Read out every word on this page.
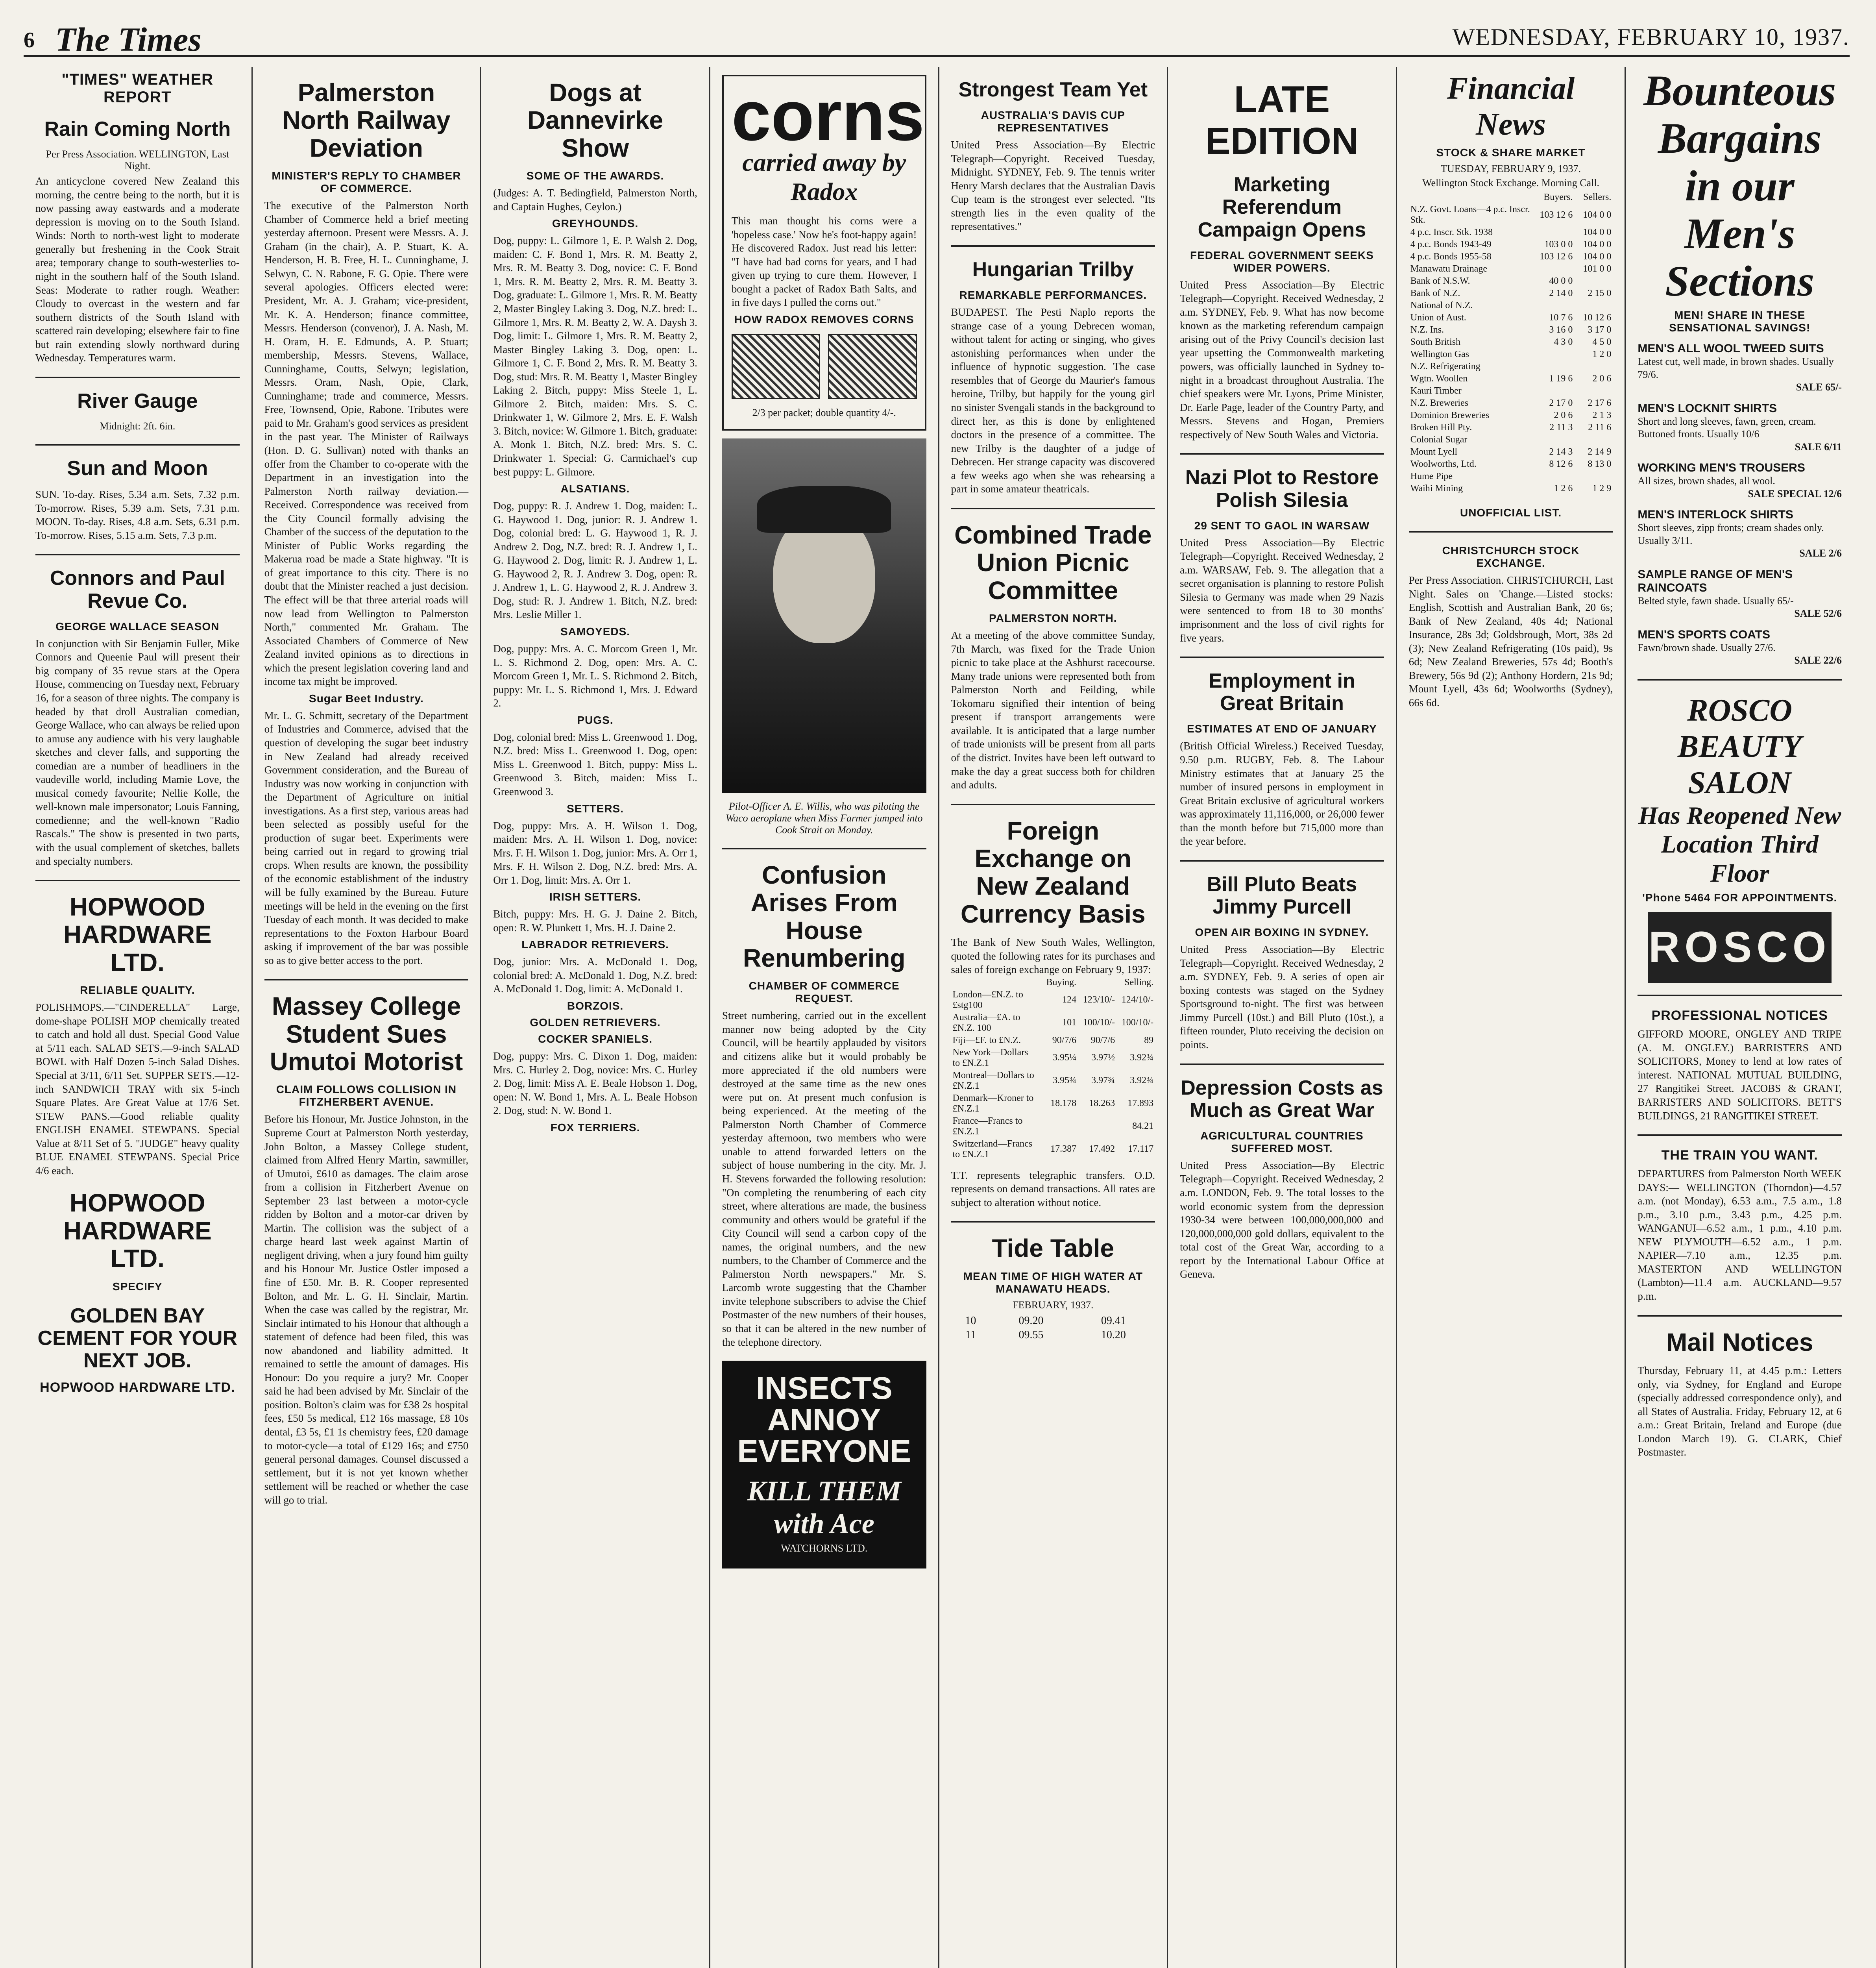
6 The Times	WEDNESDAY, FEBRUARY 10, 1937.
"TIMES" WEATHER REPORT
Rain Coming North
Per Press Association. WELLINGTON, Last Night.
An anticyclone covered New Zealand this morning, the centre being to the north, but it is now passing away eastwards and a moderate depression is moving on to the South Island. Winds: North to north-west light to moderate generally but freshening in the Cook Strait area; temporary change to south-westerlies to-night in the southern half of the South Island. Seas: Moderate to rather rough. Weather: Cloudy to overcast in the western and far southern districts of the South Island with scattered rain developing; elsewhere fair to fine but rain extending slowly northward during Wednesday. Temperatures warm.
River Gauge
Midnight: 2ft. 6in.
Sun and Moon
SUN. To-day. Rises, 5.34 a.m. Sets, 7.32 p.m. To-morrow. Rises, 5.39 a.m. Sets, 7.31 p.m. MOON. To-day. Rises, 4.8 a.m. Sets, 6.31 p.m. To-morrow. Rises, 5.15 a.m. Sets, 7.3 p.m.
Connors and Paul Revue Co.
GEORGE WALLACE SEASON
In conjunction with Sir Benjamin Fuller, Mike Connors and Queenie Paul will present their big company of 35 revue stars at the Opera House, commencing on Tuesday next, February 16, for a season of three nights. The company is headed by that droll Australian comedian, George Wallace, who can always be relied upon to amuse any audience with his very laughable sketches and clever falls, and supporting the comedian are a number of headliners in the vaudeville world, including Mamie Love, the musical comedy favourite; Nellie Kolle, the well-known male impersonator; Louis Fanning, comedienne; and the well-known "Radio Rascals." The show is presented in two parts, with the usual complement of sketches, ballets and specialty numbers.
HOPWOOD HARDWARE LTD.
RELIABLE QUALITY.
POLISHMOPS.—"CINDERELLA" Large, dome-shape POLISH MOP chemically treated to catch and hold all dust. Special Good Value at 5/11 each. SALAD SETS.—9-inch SALAD BOWL with Half Dozen 5-inch Salad Dishes. Special at 3/11, 6/11 Set. SUPPER SETS.—12-inch SANDWICH TRAY with six 5-inch Square Plates. Are Great Value at 17/6 Set. STEW PANS.—Good reliable quality ENGLISH ENAMEL STEWPANS. Special Value at 8/11 Set of 5. "JUDGE" heavy quality BLUE ENAMEL STEWPANS. Special Price 4/6 each.
HOPWOOD HARDWARE LTD.
SPECIFY
GOLDEN BAY CEMENT FOR YOUR NEXT JOB.
HOPWOOD HARDWARE LTD.
Palmerston North Railway Deviation
MINISTER'S REPLY TO CHAMBER OF COMMERCE.
The executive of the Palmerston North Chamber of Commerce held a brief meeting yesterday afternoon. Present were Messrs. A. J. Graham (in the chair), A. P. Stuart, K. A. Henderson, H. B. Free, H. L. Cunninghame, J. Selwyn, C. N. Rabone, F. G. Opie. There were several apologies. Officers elected were: President, Mr. A. J. Graham; vice-president, Mr. K. A. Henderson; finance committee, Messrs. Henderson (convenor), J. A. Nash, M. H. Oram, H. E. Edmunds, A. P. Stuart; membership, Messrs. Stevens, Wallace, Cunninghame, Coutts, Selwyn; legislation, Messrs. Oram, Nash, Opie, Clark, Cunninghame; trade and commerce, Messrs. Free, Townsend, Opie, Rabone. Tributes were paid to Mr. Graham's good services as president in the past year. The Minister of Railways (Hon. D. G. Sullivan) noted with thanks an offer from the Chamber to co-operate with the Department in an investigation into the Palmerston North railway deviation.—Received. Correspondence was received from the City Council formally advising the Chamber of the success of the deputation to the Minister of Public Works regarding the Makerua road be made a State highway. "It is of great importance to this city. There is no doubt that the Minister reached a just decision. The effect will be that three arterial roads will now lead from Wellington to Palmerston North," commented Mr. Graham. The Associated Chambers of Commerce of New Zealand invited opinions as to directions in which the present legislation covering land and income tax might be improved.
Sugar Beet Industry.
Mr. L. G. Schmitt, secretary of the Department of Industries and Commerce, advised that the question of developing the sugar beet industry in New Zealand had already received Government consideration, and the Bureau of Industry was now working in conjunction with the Department of Agriculture on initial investigations. As a first step, various areas had been selected as possibly useful for the production of sugar beet. Experiments were being carried out in regard to growing trial crops. When results are known, the possibility of the economic establishment of the industry will be fully examined by the Bureau. Future meetings will be held in the evening on the first Tuesday of each month. It was decided to make representations to the Foxton Harbour Board asking if improvement of the bar was possible so as to give better access to the port.
Massey College Student Sues Umutoi Motorist
CLAIM FOLLOWS COLLISION IN FITZHERBERT AVENUE.
Before his Honour, Mr. Justice Johnston, in the Supreme Court at Palmerston North yesterday, John Bolton, a Massey College student, claimed from Alfred Henry Martin, sawmiller, of Umutoi, £610 as damages. The claim arose from a collision in Fitzherbert Avenue on September 23 last between a motor-cycle ridden by Bolton and a motor-car driven by Martin. The collision was the subject of a charge heard last week against Martin of negligent driving, when a jury found him guilty and his Honour Mr. Justice Ostler imposed a fine of £50. Mr. B. R. Cooper represented Bolton, and Mr. L. G. H. Sinclair, Martin. When the case was called by the registrar, Mr. Sinclair intimated to his Honour that although a statement of defence had been filed, this was now abandoned and liability admitted. It remained to settle the amount of damages. His Honour: Do you require a jury? Mr. Cooper said he had been advised by Mr. Sinclair of the position. Bolton's claim was for £38 2s hospital fees, £50 5s medical, £12 16s massage, £8 10s dental, £3 5s, £1 1s chemistry fees, £20 damage to motor-cycle—a total of £129 16s; and £750 general personal damages. Counsel discussed a settlement, but it is not yet known whether settlement will be reached or whether the case will go to trial.
Dogs at Dannevirke Show
SOME OF THE AWARDS.
(Judges: A. T. Bedingfield, Palmerston North, and Captain Hughes, Ceylon.)
GREYHOUNDS.
Dog, puppy: L. Gilmore 1, E. P. Walsh 2. Dog, maiden: C. F. Bond 1, Mrs. R. M. Beatty 2, Mrs. R. M. Beatty 3. Dog, novice: C. F. Bond 1, Mrs. R. M. Beatty 2, Mrs. R. M. Beatty 3. Dog, graduate: L. Gilmore 1, Mrs. R. M. Beatty 2, Master Bingley Laking 3. Dog, N.Z. bred: L. Gilmore 1, Mrs. R. M. Beatty 2, W. A. Daysh 3. Dog, limit: L. Gilmore 1, Mrs. R. M. Beatty 2, Master Bingley Laking 3. Dog, open: L. Gilmore 1, C. F. Bond 2, Mrs. R. M. Beatty 3. Dog, stud: Mrs. R. M. Beatty 1, Master Bingley Laking 2. Bitch, puppy: Miss Steele 1, L. Gilmore 2. Bitch, maiden: Mrs. S. C. Drinkwater 1, W. Gilmore 2, Mrs. E. F. Walsh 3. Bitch, novice: W. Gilmore 1. Bitch, graduate: A. Monk 1. Bitch, N.Z. bred: Mrs. S. C. Drinkwater 1. Special: G. Carmichael's cup best puppy: L. Gilmore.
ALSATIANS.
Dog, puppy: R. J. Andrew 1. Dog, maiden: L. G. Haywood 1. Dog, junior: R. J. Andrew 1. Dog, colonial bred: L. G. Haywood 1, R. J. Andrew 2. Dog, N.Z. bred: R. J. Andrew 1, L. G. Haywood 2. Dog, limit: R. J. Andrew 1, L. G. Haywood 2, R. J. Andrew 3. Dog, open: R. J. Andrew 1, L. G. Haywood 2, R. J. Andrew 3. Dog, stud: R. J. Andrew 1. Bitch, N.Z. bred: Mrs. Leslie Miller 1.
SAMOYEDS.
Dog, puppy: Mrs. A. C. Morcom Green 1, Mr. L. S. Richmond 2. Dog, open: Mrs. A. C. Morcom Green 1, Mr. L. S. Richmond 2. Bitch, puppy: Mr. L. S. Richmond 1, Mrs. J. Edward 2.
PUGS.
Dog, colonial bred: Miss L. Greenwood 1. Dog, N.Z. bred: Miss L. Greenwood 1. Dog, open: Miss L. Greenwood 1. Bitch, puppy: Miss L. Greenwood 3. Bitch, maiden: Miss L. Greenwood 3.
SETTERS.
Dog, puppy: Mrs. A. H. Wilson 1. Dog, maiden: Mrs. A. H. Wilson 1. Dog, novice: Mrs. F. H. Wilson 1. Dog, junior: Mrs. A. Orr 1, Mrs. F. H. Wilson 2. Dog, N.Z. bred: Mrs. A. Orr 1. Dog, limit: Mrs. A. Orr 1.
IRISH SETTERS.
Bitch, puppy: Mrs. H. G. J. Daine 2. Bitch, open: R. W. Plunkett 1, Mrs. H. J. Daine 2.
LABRADOR RETRIEVERS.
Dog, junior: Mrs. A. McDonald 1. Dog, colonial bred: A. McDonald 1. Dog, N.Z. bred: A. McDonald 1. Dog, limit: A. McDonald 1.
BORZOIS.
GOLDEN RETRIEVERS.
COCKER SPANIELS.
Dog, puppy: Mrs. C. Dixon 1. Dog, maiden: Mrs. C. Hurley 2. Dog, novice: Mrs. C. Hurley 2. Dog, limit: Miss A. E. Beale Hobson 1. Dog, open: N. W. Bond 1, Mrs. A. L. Beale Hobson 2. Dog, stud: N. W. Bond 1.
FOX TERRIERS.
corns
carried away by Radox
This man thought his corns were a 'hopeless case.' Now he's foot-happy again! He discovered Radox. Just read his letter: "I have had bad corns for years, and I had given up trying to cure them. However, I bought a packet of Radox Bath Salts, and in five days I pulled the corns out."
HOW RADOX REMOVES CORNS
2/3 per packet; double quantity 4/-.
Pilot-Officer A. E. Willis, who was piloting the Waco aeroplane when Miss Farmer jumped into Cook Strait on Monday.
Confusion Arises From House Renumbering
CHAMBER OF COMMERCE REQUEST.
Street numbering, carried out in the excellent manner now being adopted by the City Council, will be heartily applauded by visitors and citizens alike but it would probably be more appreciated if the old numbers were destroyed at the same time as the new ones were put on. At present much confusion is being experienced. At the meeting of the Palmerston North Chamber of Commerce yesterday afternoon, two members who were unable to attend forwarded letters on the subject of house numbering in the city. Mr. J. H. Stevens forwarded the following resolution: "On completing the renumbering of each city street, where alterations are made, the business community and others would be grateful if the City Council will send a carbon copy of the names, the original numbers, and the new numbers, to the Chamber of Commerce and the Palmerston North newspapers." Mr. S. Larcomb wrote suggesting that the Chamber invite telephone subscribers to advise the Chief Postmaster of the new numbers of their houses, so that it can be altered in the new number of the telephone directory.
INSECTS ANNOY EVERYONE
KILL THEM with Ace
WATCHORNS LTD.
Strongest Team Yet
AUSTRALIA'S DAVIS CUP REPRESENTATIVES
United Press Association—By Electric Telegraph—Copyright. Received Tuesday, Midnight. SYDNEY, Feb. 9. The tennis writer Henry Marsh declares that the Australian Davis Cup team is the strongest ever selected. "Its strength lies in the even quality of the representatives."
Hungarian Trilby
REMARKABLE PERFORMANCES.
BUDAPEST. The Pesti Naplo reports the strange case of a young Debrecen woman, without talent for acting or singing, who gives astonishing performances when under the influence of hypnotic suggestion. The case resembles that of George du Maurier's famous heroine, Trilby, but happily for the young girl no sinister Svengali stands in the background to direct her, as this is done by enlightened doctors in the presence of a committee. The new Trilby is the daughter of a judge of Debrecen. Her strange capacity was discovered a few weeks ago when she was rehearsing a part in some amateur theatricals.
Combined Trade Union Picnic Committee
PALMERSTON NORTH.
At a meeting of the above committee Sunday, 7th March, was fixed for the Trade Union picnic to take place at the Ashhurst racecourse. Many trade unions were represented both from Palmerston North and Feilding, while Tokomaru signified their intention of being present if transport arrangements were available. It is anticipated that a large number of trade unionists will be present from all parts of the district. Invites have been left outward to make the day a great success both for children and adults.
Foreign Exchange on New Zealand Currency Basis
The Bank of New South Wales, Wellington, quoted the following rates for its purchases and sales of foreign exchange on February 9, 1937:
	Buying.		Selling.
London—£N.Z. to £stg100	124	123/10/-	124/10/-
Australia—£A. to £N.Z. 100	101	100/10/-	100/10/-
Fiji—£F. to £N.Z.	90/7/6	90/7/6	89
New York—Dollars to £N.Z.1	3.95¼	3.97½	3.92¾
Montreal—Dollars to £N.Z.1	3.95¾	3.97¾	3.92¾
Denmark—Kroner to £N.Z.1	18.178	18.263	17.893
France—Francs to £N.Z.1			84.21
Switzerland—Francs to £N.Z.1	17.387	17.492	17.117
T.T. represents telegraphic transfers. O.D. represents on demand transactions. All rates are subject to alteration without notice.
Tide Table
MEAN TIME OF HIGH WATER AT MANAWATU HEADS.
FEBRUARY, 1937.
10	09.20	09.41
11	09.55	10.20
LATE EDITION
Marketing Referendum Campaign Opens
FEDERAL GOVERNMENT SEEKS WIDER POWERS.
United Press Association—By Electric Telegraph—Copyright. Received Wednesday, 2 a.m. SYDNEY, Feb. 9. What has now become known as the marketing referendum campaign arising out of the Privy Council's decision last year upsetting the Commonwealth marketing powers, was officially launched in Sydney to-night in a broadcast throughout Australia. The chief speakers were Mr. Lyons, Prime Minister, Dr. Earle Page, leader of the Country Party, and Messrs. Stevens and Hogan, Premiers respectively of New South Wales and Victoria.
Nazi Plot to Restore Polish Silesia
29 SENT TO GAOL IN WARSAW
United Press Association—By Electric Telegraph—Copyright. Received Wednesday, 2 a.m. WARSAW, Feb. 9. The allegation that a secret organisation is planning to restore Polish Silesia to Germany was made when 29 Nazis were sentenced to from 18 to 30 months' imprisonment and the loss of civil rights for five years.
Employment in Great Britain
ESTIMATES AT END OF JANUARY
(British Official Wireless.) Received Tuesday, 9.50 p.m. RUGBY, Feb. 8. The Labour Ministry estimates that at January 25 the number of insured persons in employment in Great Britain exclusive of agricultural workers was approximately 11,116,000, or 26,000 fewer than the month before but 715,000 more than the year before.
Bill Pluto Beats Jimmy Purcell
OPEN AIR BOXING IN SYDNEY.
United Press Association—By Electric Telegraph—Copyright. Received Wednesday, 2 a.m. SYDNEY, Feb. 9. A series of open air boxing contests was staged on the Sydney Sportsground to-night. The first was between Jimmy Purcell (10st.) and Bill Pluto (10st.), a fifteen rounder, Pluto receiving the decision on points.
Depression Costs as Much as Great War
AGRICULTURAL COUNTRIES SUFFERED MOST.
United Press Association—By Electric Telegraph—Copyright. Received Wednesday, 2 a.m. LONDON, Feb. 9. The total losses to the world economic system from the depression 1930-34 were between 100,000,000,000 and 120,000,000,000 gold dollars, equivalent to the total cost of the Great War, according to a report by the International Labour Office at Geneva.
Financial News
STOCK & SHARE MARKET
TUESDAY, FEBRUARY 9, 1937.
Wellington Stock Exchange. Morning Call.
	Buyers.	Sellers.
N.Z. Govt. Loans—4 p.c. Inscr. Stk.	103 12 6	104 0 0
4 p.c. Inscr. Stk. 1938		104 0 0
4 p.c. Bonds 1943-49	103 0 0	104 0 0
4 p.c. Bonds 1955-58	103 12 6	104 0 0
Manawatu Drainage		101 0 0
Bank of N.S.W.	40 0 0	
Bank of N.Z.	2 14 0	2 15 0
National of N.Z.		
Union of Aust.	10 7 6	10 12 6
N.Z. Ins.	3 16 0	3 17 0
South British	4 3 0	4 5 0
Wellington Gas		1 2 0
N.Z. Refrigerating		
Wgtn. Woollen	1 19 6	2 0 6
Kauri Timber		
N.Z. Breweries	2 17 0	2 17 6
Dominion Breweries	2 0 6	2 1 3
Broken Hill Pty.	2 11 3	2 11 6
Colonial Sugar		
Mount Lyell	2 14 3	2 14 9
Woolworths, Ltd.	8 12 6	8 13 0
Hume Pipe		
Waihi Mining	1 2 6	1 2 9
UNOFFICIAL LIST.
CHRISTCHURCH STOCK EXCHANGE.
Per Press Association. CHRISTCHURCH, Last Night. Sales on 'Change.—Listed stocks: English, Scottish and Australian Bank, 20 6s; Bank of New Zealand, 40s 4d; National Insurance, 28s 3d; Goldsbrough, Mort, 38s 2d (3); New Zealand Refrigerating (10s paid), 9s 6d; New Zealand Breweries, 57s 4d; Booth's Brewery, 56s 9d (2); Anthony Hordern, 21s 9d; Mount Lyell, 43s 6d; Woolworths (Sydney), 66s 6d.
Bounteous Bargains in our Men's Sections
MEN! SHARE IN THESE SENSATIONAL SAVINGS!
MEN'S ALL WOOL TWEED SUITS
Latest cut, well made, in brown shades. Usually 79/6.
SALE 65/-
MEN'S LOCKNIT SHIRTS
Short and long sleeves, fawn, green, cream. Buttoned fronts. Usually 10/6
SALE 6/11
WORKING MEN'S TROUSERS
All sizes, brown shades, all wool.
SALE SPECIAL 12/6
MEN'S INTERLOCK SHIRTS
Short sleeves, zipp fronts; cream shades only. Usually 3/11.
SALE 2/6
SAMPLE RANGE OF MEN'S RAINCOATS
Belted style, fawn shade. Usually 65/-
SALE 52/6
MEN'S SPORTS COATS
Fawn/brown shade. Usually 27/6.
SALE 22/6
ROSCO BEAUTY SALON
Has Reopened New Location Third Floor
'Phone 5464 FOR APPOINTMENTS.
ROSCO
PROFESSIONAL NOTICES
GIFFORD MOORE, ONGLEY AND TRIPE (A. M. ONGLEY.) BARRISTERS AND SOLICITORS, Money to lend at low rates of interest. NATIONAL MUTUAL BUILDING, 27 Rangitikei Street. JACOBS & GRANT, BARRISTERS AND SOLICITORS. BETT'S BUILDINGS, 21 RANGITIKEI STREET.
THE TRAIN YOU WANT.
DEPARTURES from Palmerston North WEEK DAYS:— WELLINGTON (Thorndon)—4.57 a.m. (not Monday), 6.53 a.m., 7.5 a.m., 1.8 p.m., 3.10 p.m., 3.43 p.m., 4.25 p.m. WANGANUI—6.52 a.m., 1 p.m., 4.10 p.m. NEW PLYMOUTH—6.52 a.m., 1 p.m. NAPIER—7.10 a.m., 12.35 p.m. MASTERTON AND WELLINGTON (Lambton)—11.4 a.m. AUCKLAND—9.57 p.m.
Mail Notices
Thursday, February 11, at 4.45 p.m.: Letters only, via Sydney, for England and Europe (specially addressed correspondence only), and all States of Australia. Friday, February 12, at 6 a.m.: Great Britain, Ireland and Europe (due London March 19). G. CLARK, Chief Postmaster.
